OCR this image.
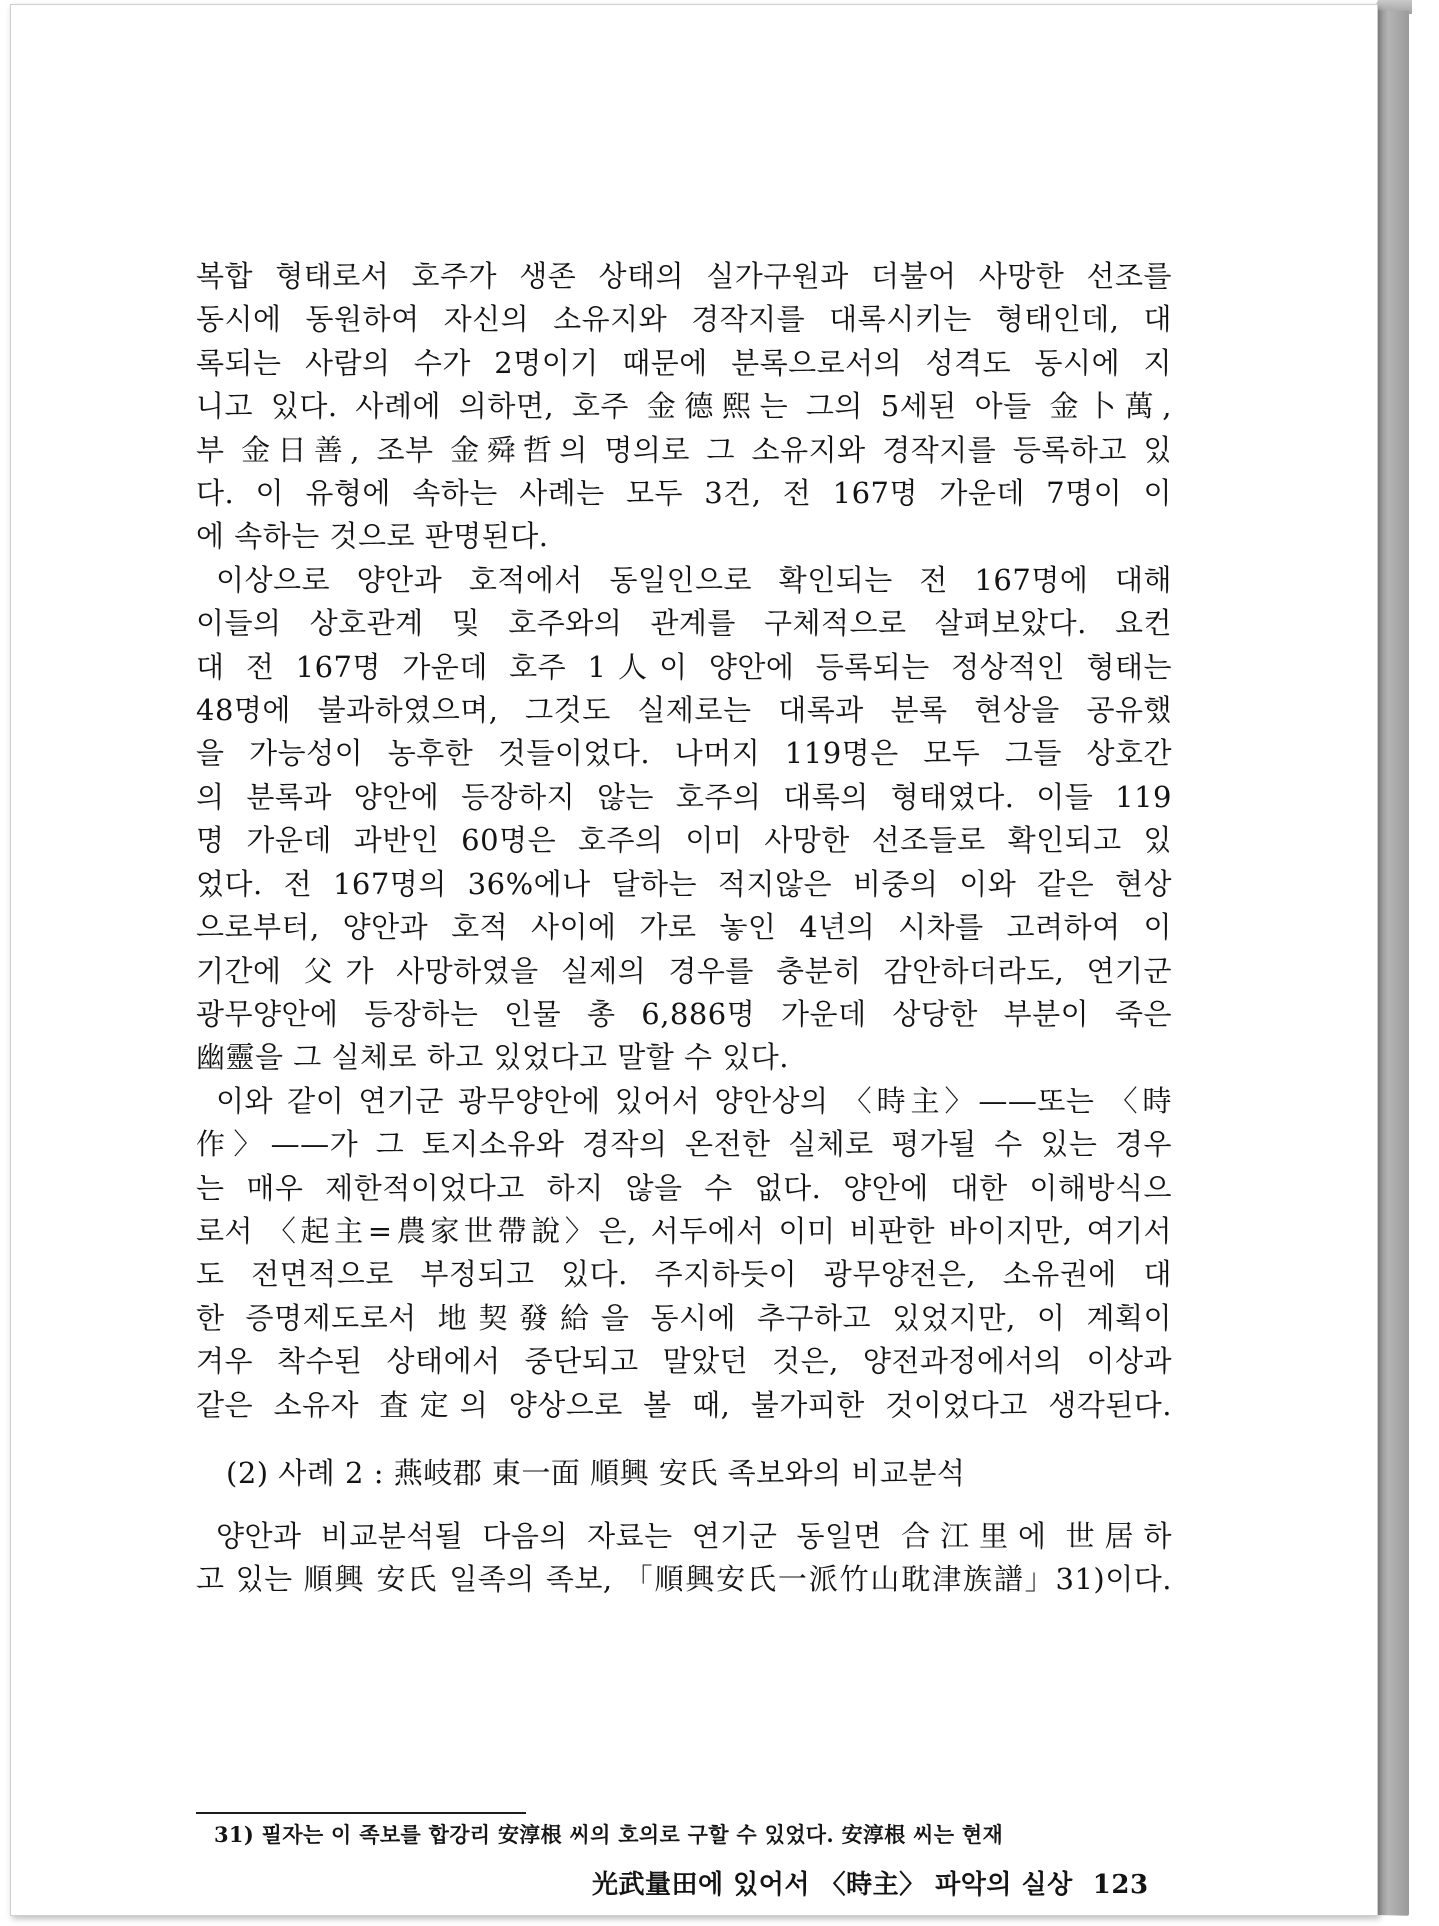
복합 형태로서 호주가 생존 상태의 실가구원과 더불어 사망한 선조를
동시에 동원하여 자신의 소유지와 경작지를 대록시키는 형태인데, 대
록되는 사람의 수가 2명이기 때문에 분록으로서의 성격도 동시에 지
니고 있다. 사례에 의하면, 호주 金德熙는 그의 5세된 아들 金卜萬,
부 金日善, 조부 金舜哲의 명의로 그 소유지와 경작지를 등록하고 있
다. 이 유형에 속하는 사례는 모두 3건, 전 167명 가운데 7명이 이
에 속하는 것으로 판명된다.

이상으로 양안과 호적에서 동일인으로 확인되는 전 167명에 대해
이들의 상호관계 및 호주와의 관계를 구체적으로 살펴보았다. 요컨
대 전 167명 가운데 호주 1人이 양안에 등록되는 정상적인 형태는
48명에 불과하였으며, 그것도 실제로는 대록과 분록 현상을 공유했
을 가능성이 농후한 것들이었다. 나머지 119명은 모두 그들 상호간
의 분록과 양안에 등장하지 않는 호주의 대록의 형태였다. 이들 119
명 가운데 과반인 60명은 호주의 이미 사망한 선조들로 확인되고 있
었다. 전 167명의 36%에나 달하는 적지않은 비중의 이와 같은 현상
으로부터, 양안과 호적 사이에 가로 놓인 4년의 시차를 고려하여 이
기간에 父가 사망하였을 실제의 경우를 충분히 감안하더라도, 연기군
광무양안에 등장하는 인물 총 6,886명 가운데 상당한 부분이 죽은
幽靈을 그 실체로 하고 있었다고 말할 수 있다.

이와 같이 연기군 광무양안에 있어서 양안상의 〈時主〉——또는 〈時
作〉——가 그 토지소유와 경작의 온전한 실체로 평가될 수 있는 경우
는 매우 제한적이었다고 하지 않을 수 없다. 양안에 대한 이해방식으
로서 〈起主=農家世帶說〉은, 서두에서 이미 비판한 바이지만, 여기서
도 전면적으로 부정되고 있다. 주지하듯이 광무양전은, 소유권에 대
한 증명제도로서 地契發給을 동시에 추구하고 있었지만, 이 계획이
겨우 착수된 상태에서 중단되고 말았던 것은, 양전과정에서의 이상과
같은 소유자 査定의 양상으로 볼 때, 불가피한 것이었다고 생각된다.

(2) 사례 2 : 燕岐郡 東一面 順興 安氏 족보와의 비교분석

양안과 비교분석될 다음의 자료는 연기군 동일면 合江里에 世居하
고 있는 順興 安氏 일족의 족보, 「順興安氏一派竹山耽津族譜」31)이다.

31) 필자는 이 족보를 합강리 安淳根 씨의 호의로 구할 수 있었다. 安淳根 씨는 현재
光武量田에 있어서 〈時主〉 파악의 실상 123
